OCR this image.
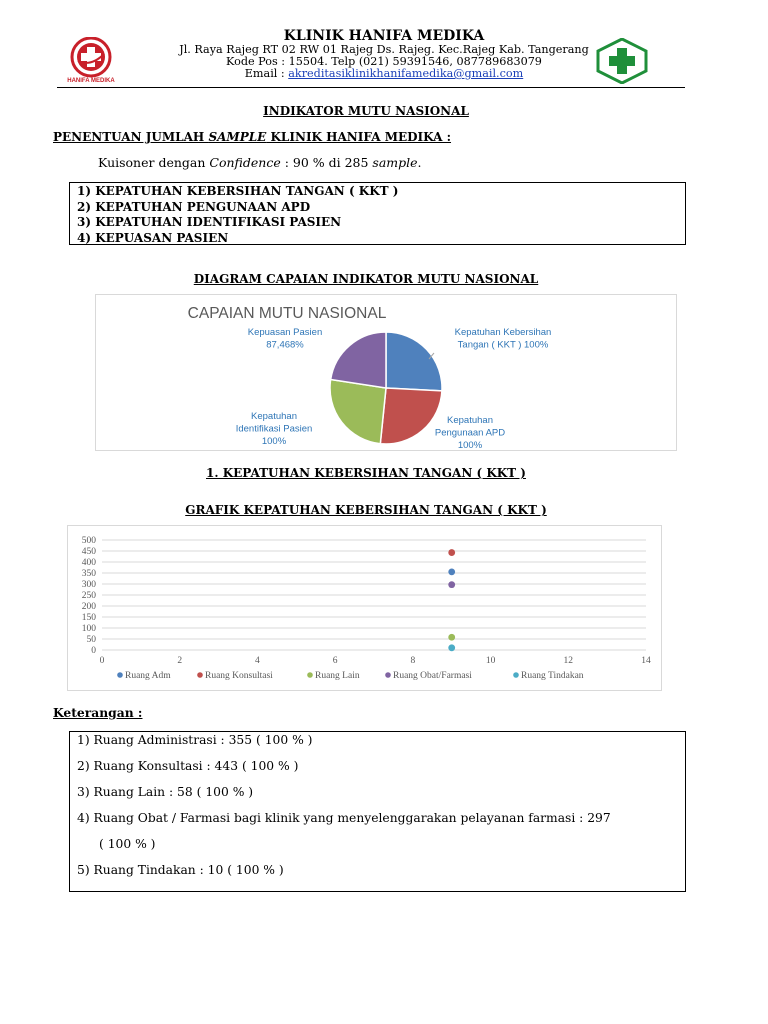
HANIFA MEDIKA
KLINIK HANIFA MEDIKA
Jl. Raya Rajeg RT 02 RW 01 Rajeg Ds. Rajeg. Kec.Rajeg Kab. Tangerang
Kode Pos : 15504. Telp (021) 59391546, 087789683079
Email : akreditasiklinikhanifamedika@gmail.com
INDIKATOR MUTU NASIONAL
PENENTUAN JUMLAH SAMPLE KLINIK HANIFA MEDIKA :
Kuisoner dengan Confidence : 90 % di 285 sample.
1) KEPATUHAN KEBERSIHAN TANGAN ( KKT )
2) KEPATUHAN PENGUNAAN APD
3) KEPATUHAN IDENTIFIKASI PASIEN
4) KEPUASAN PASIEN
DIAGRAM CAPAIAN INDIKATOR MUTU NASIONAL
CAPAIAN MUTU NASIONAL
Kepatuhan Kebersihan Tangan ( KKT ) 100%
Kepatuhan Pengunaan APD 100%
Kepatuhan Identifikasi Pasien 100%
Kepuasan Pasien 87,468%
1. KEPATUHAN KEBERSIHAN TANGAN ( KKT )
GRAFIK KEPATUHAN KEBERSIHAN TANGAN ( KKT )
0
50
100
150
200
250
300
350
400
450
500
0	2	4	6	8	10	12	14
Ruang Adm	Ruang Konsultasi	Ruang Lain	Ruang Obat/Farmasi	Ruang Tindakan
Keterangan :
1) Ruang Administrasi : 355 ( 100 % )
2) Ruang Konsultasi : 443 ( 100 % )
3) Ruang Lain : 58 ( 100 % )
4) Ruang Obat / Farmasi bagi klinik yang menyelenggarakan pelayanan farmasi : 297
( 100 % )
5) Ruang Tindakan : 10 ( 100 % )
